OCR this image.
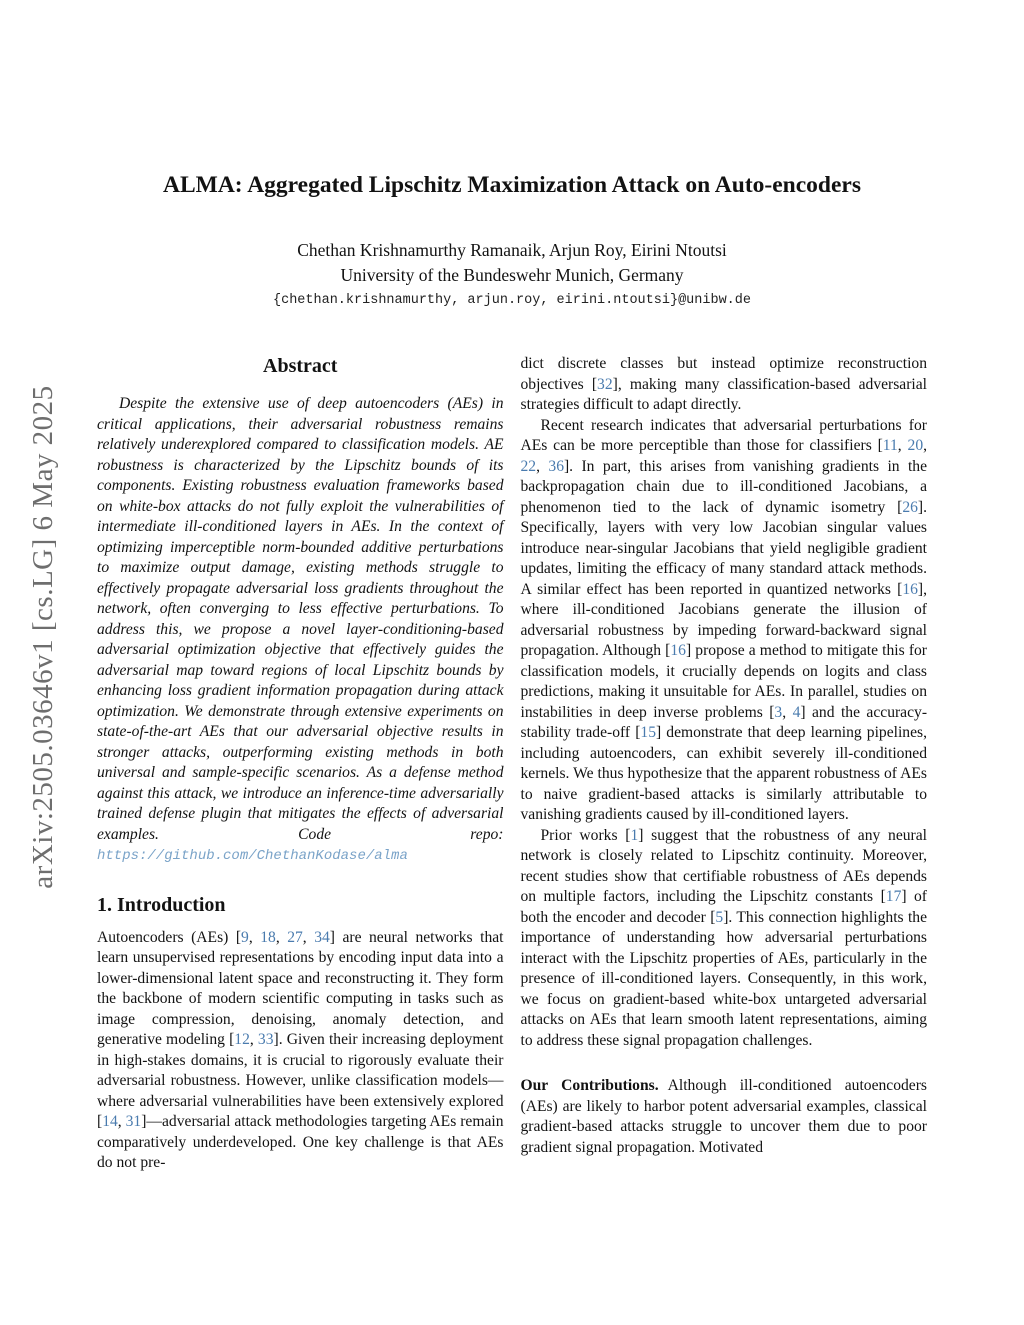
arXiv:2505.03646v1 [cs.LG] 6 May 2025
ALMA: Aggregated Lipschitz Maximization Attack on Auto-encoders
Chethan Krishnamurthy Ramanaik, Arjun Roy, Eirini Ntoutsi
University of the Bundeswehr Munich, Germany
{chethan.krishnamurthy, arjun.roy, eirini.ntoutsi}@unibw.de
Abstract

Despite the extensive use of deep autoencoders (AEs) in critical applications, their adversarial robustness remains relatively underexplored compared to classification models. AE robustness is characterized by the Lipschitz bounds of its components. Existing robustness evaluation frameworks based on white-box attacks do not fully exploit the vulnerabilities of intermediate ill-conditioned layers in AEs. In the context of optimizing imperceptible norm-bounded additive perturbations to maximize output damage, existing methods struggle to effectively propagate adversarial loss gradients throughout the network, often converging to less effective perturbations. To address this, we propose a novel layer-conditioning-based adversarial optimization objective that effectively guides the adversarial map toward regions of local Lipschitz bounds by enhancing loss gradient information propagation during attack optimization. We demonstrate through extensive experiments on state-of-the-art AEs that our adversarial objective results in stronger attacks, outperforming existing methods in both universal and sample-specific scenarios. As a defense method against this attack, we introduce an inference-time adversarially trained defense plugin that mitigates the effects of adversarial examples. Code repo: https://github.com/ChethanKodase/alma

1. Introduction

Autoencoders (AEs) [9, 18, 27, 34] are neural networks that learn unsupervised representations by encoding input data into a lower-dimensional latent space and reconstructing it. They form the backbone of modern scientific computing in tasks such as image compression, denoising, anomaly detection, and generative modeling [12, 33]. Given their increasing deployment in high-stakes domains, it is crucial to rigorously evaluate their adversarial robustness. However, unlike classification models—where adversarial vulnerabilities have been extensively explored [14, 31]—adversarial attack methodologies targeting AEs remain comparatively underdeveloped. One key challenge is that AEs do not pre-

dict discrete classes but instead optimize reconstruction objectives [32], making many classification-based adversarial strategies difficult to adapt directly.

Recent research indicates that adversarial perturbations for AEs can be more perceptible than those for classifiers [11, 20, 22, 36]. In part, this arises from vanishing gradients in the backpropagation chain due to ill-conditioned Jacobians, a phenomenon tied to the lack of dynamic isometry [26]. Specifically, layers with very low Jacobian singular values introduce near-singular Jacobians that yield negligible gradient updates, limiting the efficacy of many standard attack methods. A similar effect has been reported in quantized networks [16], where ill-conditioned Jacobians generate the illusion of adversarial robustness by impeding forward-backward signal propagation. Although [16] propose a method to mitigate this for classification models, it crucially depends on logits and class predictions, making it unsuitable for AEs. In parallel, studies on instabilities in deep inverse problems [3, 4] and the accuracy-stability trade-off [15] demonstrate that deep learning pipelines, including autoencoders, can exhibit severely ill-conditioned kernels. We thus hypothesize that the apparent robustness of AEs to naive gradient-based attacks is similarly attributable to vanishing gradients caused by ill-conditioned layers.

Prior works [1] suggest that the robustness of any neural network is closely related to Lipschitz continuity. Moreover, recent studies show that certifiable robustness of AEs depends on multiple factors, including the Lipschitz constants [17] of both the encoder and decoder [5]. This connection highlights the importance of understanding how adversarial perturbations interact with the Lipschitz properties of AEs, particularly in the presence of ill-conditioned layers. Consequently, in this work, we focus on gradient-based white-box untargeted adversarial attacks on AEs that learn smooth latent representations, aiming to address these signal propagation challenges.

Our Contributions. Although ill-conditioned autoencoders (AEs) are likely to harbor potent adversarial examples, classical gradient-based attacks struggle to uncover them due to poor gradient signal propagation. Motivated
